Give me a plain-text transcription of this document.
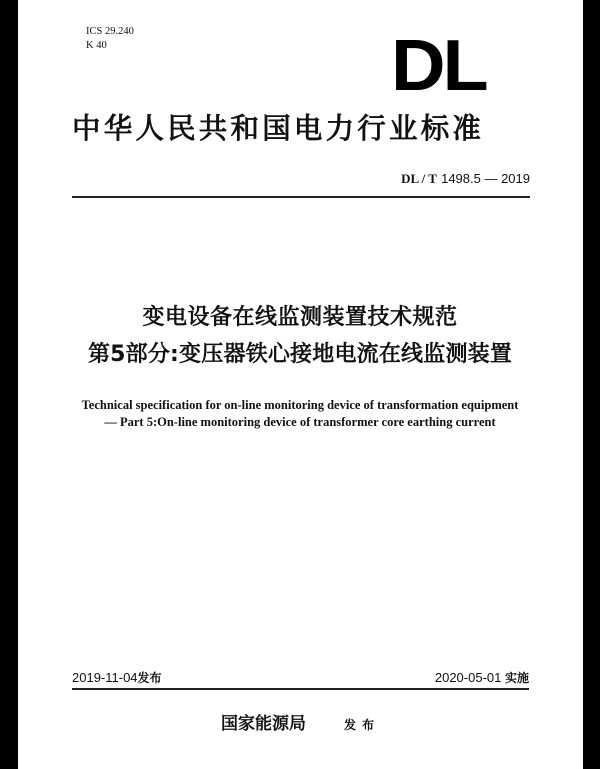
ICS 29.240
K 40	DL
中华人民共和国电力行业标准
DL / T 1498.5 — 2019
变电设备在线监测装置技术规范
第5部分:变压器铁心接地电流在线监测装置
Technical specification for on-line monitoring device of transformation equipment
— Part 5:On-line monitoring device of transformer core earthing current
2019-11-04发布	2020-05-01 实施
国家能源局	发布
